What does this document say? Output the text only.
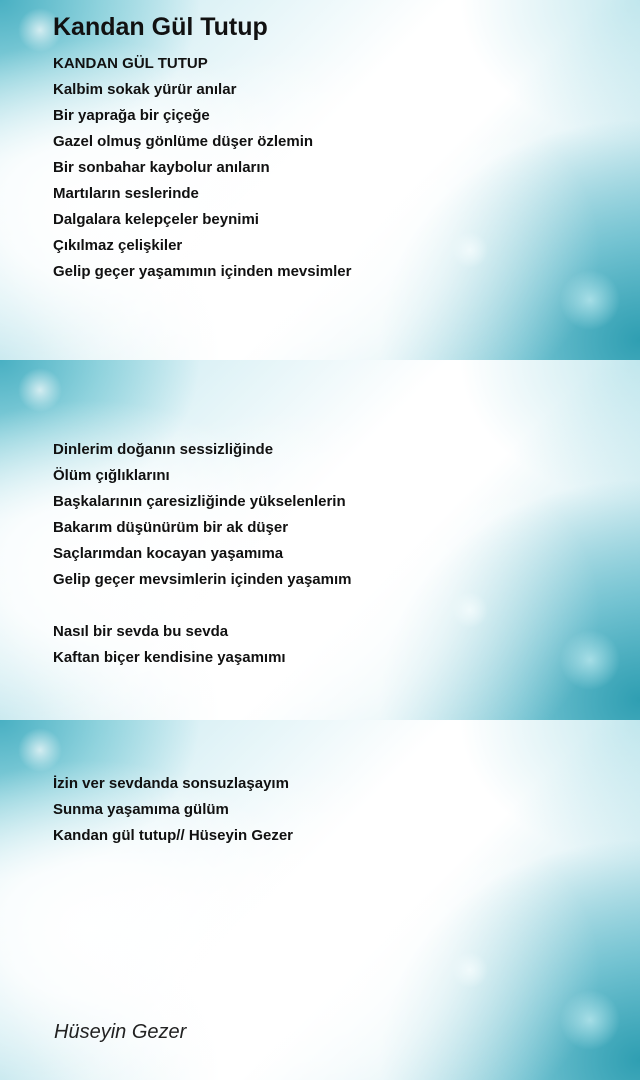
Kandan Gül Tutup
KANDAN GÜL TUTUP
Kalbim sokak yürür anılar
Bir yaprağa bir çiçeğe
Gazel olmuş gönlüme düşer özlemin
Bir sonbahar kaybolur anıların
Martıların seslerinde
Dalgalara kelepçeler beynimi
Çıkılmaz çelişkiler
Gelip geçer yaşamımın içinden mevsimler
Dinlerim doğanın sessizliğinde
Ölüm çığlıklarını
Başkalarının çaresizliğinde yükselenlerin
Bakarım düşünürüm bir ak düşer
Saçlarımdan kocayan yaşamıma
Gelip geçer mevsimlerin içinden yaşamım
Nasıl bir sevda bu sevda
Kaftan biçer kendisine yaşamımı
İzin ver sevdanda sonsuzlaşayım
Sunma yaşamıma gülüm
Kandan gül tutup// Hüseyin Gezer

Hüseyin Gezer
